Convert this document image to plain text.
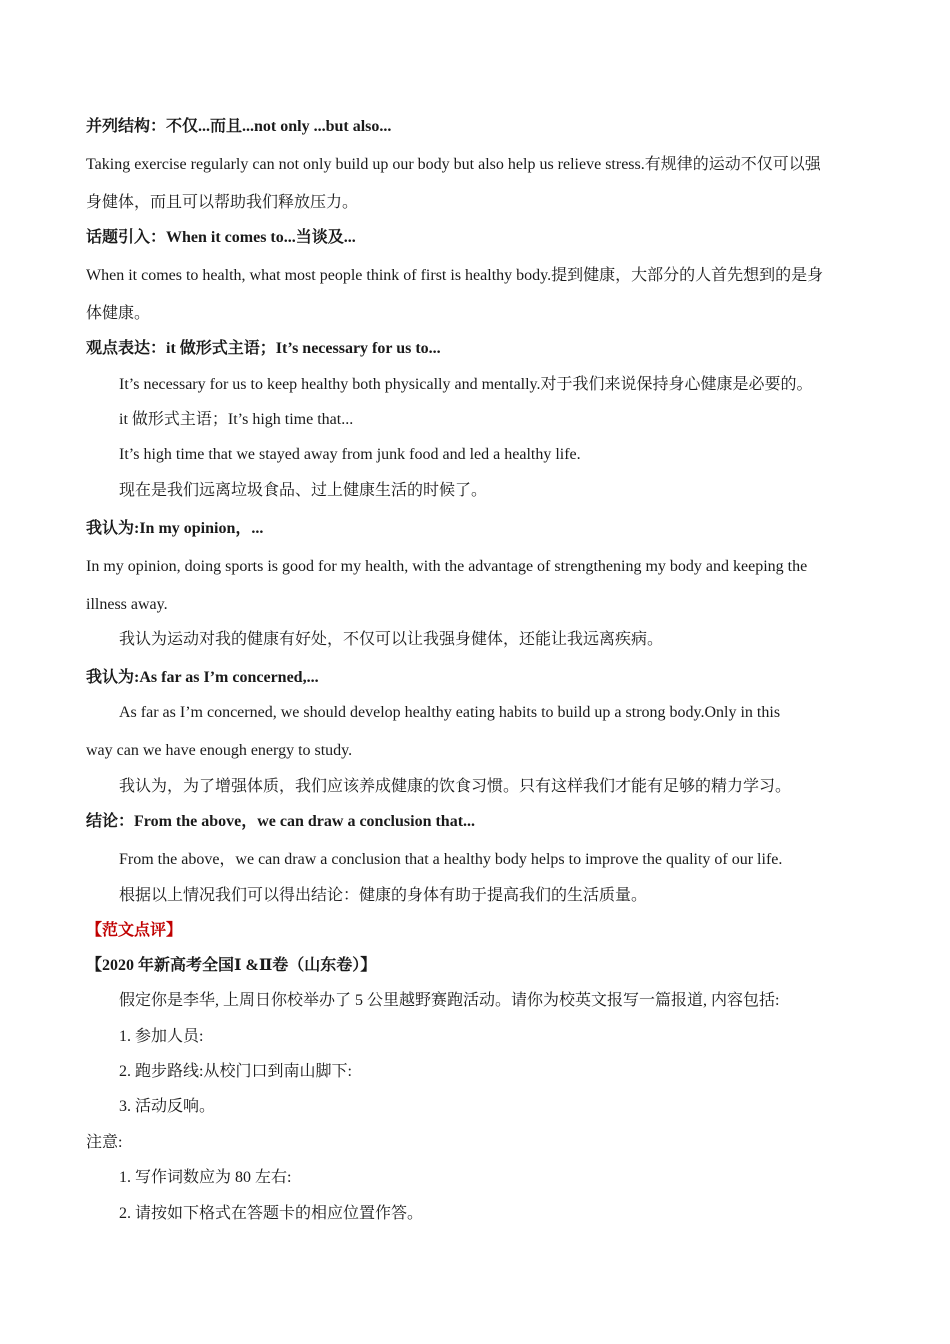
并列结构：不仅...而且...not only ...but also...
Taking exercise regularly can not only build up our body but also help us relieve stress.有规律的运动不仅可以强
身健体，而且可以帮助我们释放压力。
话题引入：When it comes to...当谈及...
When it comes to health, what most people think of first is healthy body.提到健康，大部分的人首先想到的是身
体健康。
观点表达：it 做形式主语；It’s necessary for us to...
It’s necessary for us to keep healthy both physically and mentally.对于我们来说保持身心健康是必要的。
it 做形式主语；It’s high time that...
It’s high time that we stayed away from junk food and led a healthy life.
现在是我们远离垃圾食品、过上健康生活的时候了。
我认为:In my opinion，...
In my opinion, doing sports is good for my health, with the advantage of strengthening my body and keeping the
illness away.
我认为运动对我的健康有好处，不仅可以让我强身健体，还能让我远离疾病。
我认为:As far as I’m concerned,...
As far as I’m concerned, we should develop healthy eating habits to build up a strong body.Only in this
way can we have enough energy to study.
我认为，为了增强体质，我们应该养成健康的饮食习惯。只有这样我们才能有足够的精力学习。
结论：From the above，we can draw a conclusion that...
From the above，we can draw a conclusion that a healthy body helps to improve the quality of our life.
根据以上情况我们可以得出结论：健康的身体有助于提高我们的生活质量。
【范文点评】
【2020 年新高考全国Ⅰ &Ⅱ卷（山东卷）】
假定你是李华, 上周日你校举办了 5 公里越野赛跑活动。请你为校英文报写一篇报道, 内容包括:
1. 参加人员:
2. 跑步路线:从校门口到南山脚下:
3. 活动反响。
注意:
1. 写作词数应为 80 左右:
2. 请按如下格式在答题卡的相应位置作答。
